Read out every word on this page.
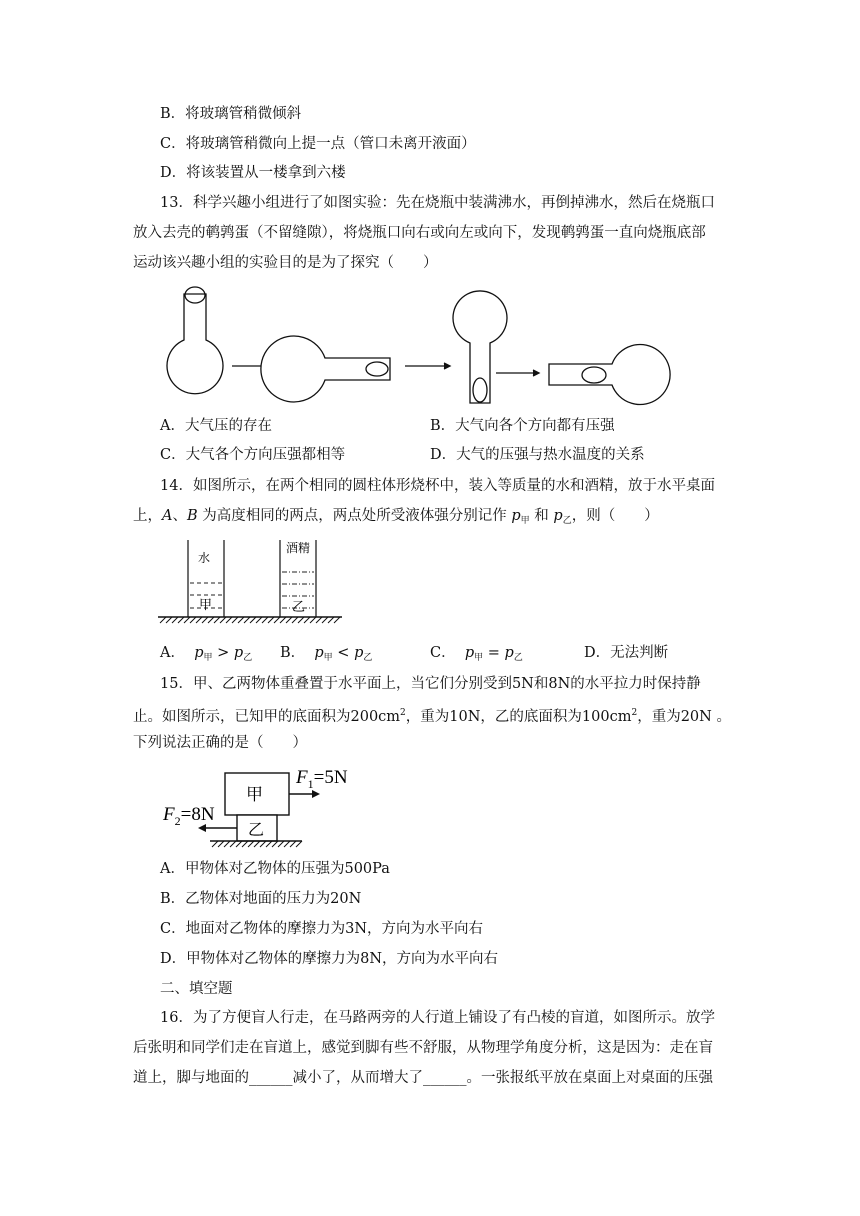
B．将玻璃管稍微倾斜
C．将玻璃管稍微向上提一点（管口未离开液面）
D．将该装置从一楼拿到六楼
13．科学兴趣小组进行了如图实验：先在烧瓶中装满沸水，再倒掉沸水，然后在烧瓶口
放入去壳的鹌鹑蛋（不留缝隙），将烧瓶口向右或向左或向下，发现鹌鹑蛋一直向烧瓶底部
运动该兴趣小组的实验目的是为了探究（　　）
A．大气压的存在	B．大气向各个方向都有压强
C．大气各个方向压强都相等	D．大气的压强与热水温度的关系
14．如图所示，在两个相同的圆柱体形烧杯中，装入等质量的水和酒精，放于水平桌面
上，A、B 为高度相同的两点，两点处所受液体强分别记作 $p_甲$ 和 $p_乙$，则（　　）
水
酒精
甲	乙
A． $p_甲 > p_乙$ B． $p_甲 < p_乙$	C． $p_甲 = p_乙$	D．无法判断
15．甲、乙两物体重叠置于水平面上，当它们分别受到5N和8N的水平拉力时保持静
止。如图所示，已知甲的底面积为$200cm^2$，重为10N，乙的底面积为$100cm^2$，重为20N 。
下列说法正确的是（　　）
甲
乙
$F_1=5N$
$F_2=8N$
A．甲物体对乙物体的压强为500Pa
B．乙物体对地面的压力为20N
C．地面对乙物体的摩擦力为3N，方向为水平向右
D．甲物体对乙物体的摩擦力为8N，方向为水平向右
二、填空题
16．为了方便盲人行走，在马路两旁的人行道上铺设了有凸棱的盲道，如图所示。放学
后张明和同学们走在盲道上，感觉到脚有些不舒服，从物理学角度分析，这是因为：走在盲
道上，脚与地面的______减小了，从而增大了______。一张报纸平放在桌面上对桌面的压强
